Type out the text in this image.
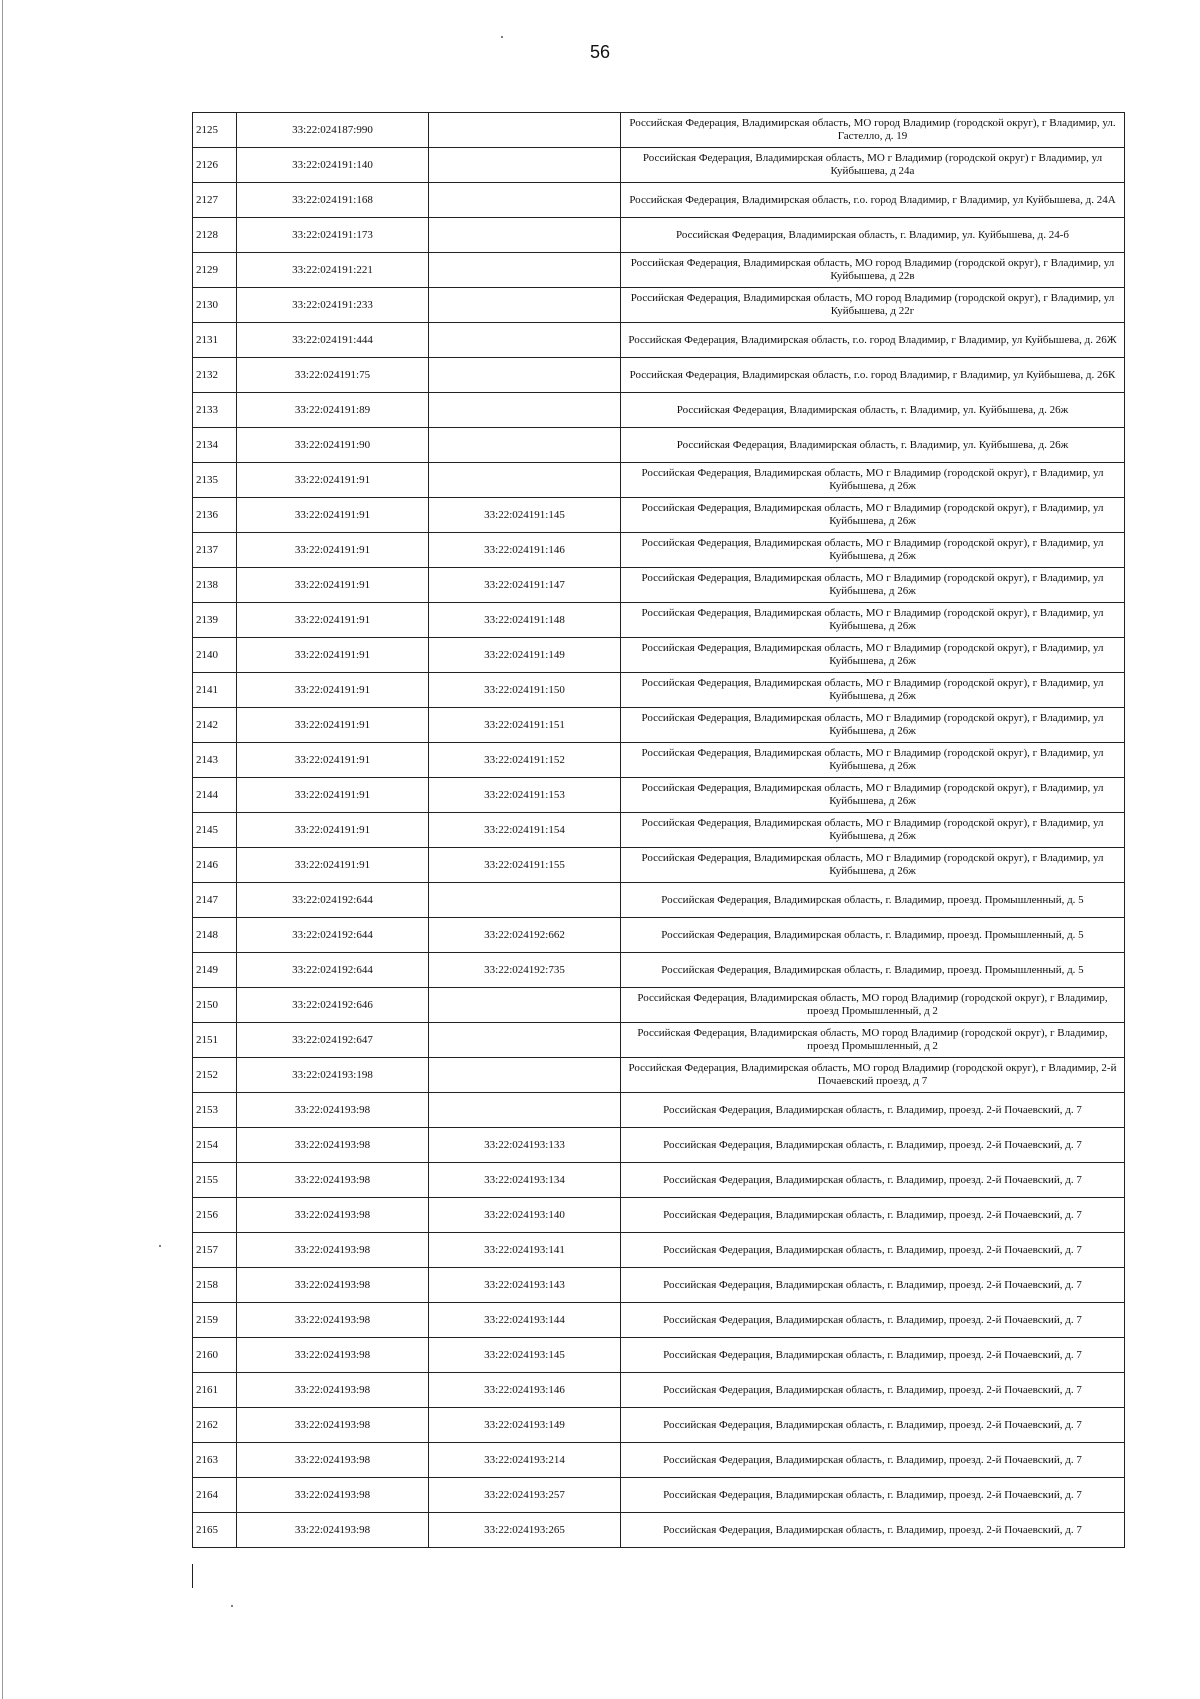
56
2125	33:22:024187:990		Российская Федерация, Владимирская область, МО город Владимир (городской округ), г Владимир, ул. Гастелло, д. 19
2126	33:22:024191:140		Российская Федерация, Владимирская область, МО г Владимир (городской округ) г Владимир, ул Куйбышева, д 24а
2127	33:22:024191:168		Российская Федерация, Владимирская область, г.о. город Владимир, г Владимир, ул Куйбышева, д. 24А
2128	33:22:024191:173		Российская Федерация, Владимирская область, г. Владимир, ул. Куйбышева, д. 24-б
2129	33:22:024191:221		Российская Федерация, Владимирская область, МО город Владимир (городской округ), г Владимир, ул Куйбышева, д 22в
2130	33:22:024191:233		Российская Федерация, Владимирская область, МО город Владимир (городской округ), г Владимир, ул Куйбышева, д 22г
2131	33:22:024191:444		Российская Федерация, Владимирская область, г.о. город Владимир, г Владимир, ул Куйбышева, д. 26Ж
2132	33:22:024191:75		Российская Федерация, Владимирская область, г.о. город Владимир, г Владимир, ул Куйбышева, д. 26К
2133	33:22:024191:89		Российская Федерация, Владимирская область, г. Владимир, ул. Куйбышева, д. 26ж
2134	33:22:024191:90		Российская Федерация, Владимирская область, г. Владимир, ул. Куйбышева, д. 26ж
2135	33:22:024191:91		Российская Федерация, Владимирская область, МО г Владимир (городской округ), г Владимир, ул Куйбышева, д 26ж
2136	33:22:024191:91	33:22:024191:145	Российская Федерация, Владимирская область, МО г Владимир (городской округ), г Владимир, ул Куйбышева, д 26ж
2137	33:22:024191:91	33:22:024191:146	Российская Федерация, Владимирская область, МО г Владимир (городской округ), г Владимир, ул Куйбышева, д 26ж
2138	33:22:024191:91	33:22:024191:147	Российская Федерация, Владимирская область, МО г Владимир (городской округ), г Владимир, ул Куйбышева, д 26ж
2139	33:22:024191:91	33:22:024191:148	Российская Федерация, Владимирская область, МО г Владимир (городской округ), г Владимир, ул Куйбышева, д 26ж
2140	33:22:024191:91	33:22:024191:149	Российская Федерация, Владимирская область, МО г Владимир (городской округ), г Владимир, ул Куйбышева, д 26ж
2141	33:22:024191:91	33:22:024191:150	Российская Федерация, Владимирская область, МО г Владимир (городской округ), г Владимир, ул Куйбышева, д 26ж
2142	33:22:024191:91	33:22:024191:151	Российская Федерация, Владимирская область, МО г Владимир (городской округ), г Владимир, ул Куйбышева, д 26ж
2143	33:22:024191:91	33:22:024191:152	Российская Федерация, Владимирская область, МО г Владимир (городской округ), г Владимир, ул Куйбышева, д 26ж
2144	33:22:024191:91	33:22:024191:153	Российская Федерация, Владимирская область, МО г Владимир (городской округ), г Владимир, ул Куйбышева, д 26ж
2145	33:22:024191:91	33:22:024191:154	Российская Федерация, Владимирская область, МО г Владимир (городской округ), г Владимир, ул Куйбышева, д 26ж
2146	33:22:024191:91	33:22:024191:155	Российская Федерация, Владимирская область, МО г Владимир (городской округ), г Владимир, ул Куйбышева, д 26ж
2147	33:22:024192:644		Российская Федерация, Владимирская область, г. Владимир, проезд. Промышленный, д. 5
2148	33:22:024192:644	33:22:024192:662	Российская Федерация, Владимирская область, г. Владимир, проезд. Промышленный, д. 5
2149	33:22:024192:644	33:22:024192:735	Российская Федерация, Владимирская область, г. Владимир, проезд. Промышленный, д. 5
2150	33:22:024192:646		Российская Федерация, Владимирская область, МО город Владимир (городской округ), г Владимир, проезд Промышленный, д 2
2151	33:22:024192:647		Российская Федерация, Владимирская область, МО город Владимир (городской округ), г Владимир, проезд Промышленный, д 2
2152	33:22:024193:198		Российская Федерация, Владимирская область, МО город Владимир (городской округ), г Владимир, 2-й Почаевский проезд, д 7
2153	33:22:024193:98		Российская Федерация, Владимирская область, г. Владимир, проезд. 2-й Почаевский, д. 7
2154	33:22:024193:98	33:22:024193:133	Российская Федерация, Владимирская область, г. Владимир, проезд. 2-й Почаевский, д. 7
2155	33:22:024193:98	33:22:024193:134	Российская Федерация, Владимирская область, г. Владимир, проезд. 2-й Почаевский, д. 7
2156	33:22:024193:98	33:22:024193:140	Российская Федерация, Владимирская область, г. Владимир, проезд. 2-й Почаевский, д. 7
2157	33:22:024193:98	33:22:024193:141	Российская Федерация, Владимирская область, г. Владимир, проезд. 2-й Почаевский, д. 7
2158	33:22:024193:98	33:22:024193:143	Российская Федерация, Владимирская область, г. Владимир, проезд. 2-й Почаевский, д. 7
2159	33:22:024193:98	33:22:024193:144	Российская Федерация, Владимирская область, г. Владимир, проезд. 2-й Почаевский, д. 7
2160	33:22:024193:98	33:22:024193:145	Российская Федерация, Владимирская область, г. Владимир, проезд. 2-й Почаевский, д. 7
2161	33:22:024193:98	33:22:024193:146	Российская Федерация, Владимирская область, г. Владимир, проезд. 2-й Почаевский, д. 7
2162	33:22:024193:98	33:22:024193:149	Российская Федерация, Владимирская область, г. Владимир, проезд. 2-й Почаевский, д. 7
2163	33:22:024193:98	33:22:024193:214	Российская Федерация, Владимирская область, г. Владимир, проезд. 2-й Почаевский, д. 7
2164	33:22:024193:98	33:22:024193:257	Российская Федерация, Владимирская область, г. Владимир, проезд. 2-й Почаевский, д. 7
2165	33:22:024193:98	33:22:024193:265	Российская Федерация, Владимирская область, г. Владимир, проезд. 2-й Почаевский, д. 7
